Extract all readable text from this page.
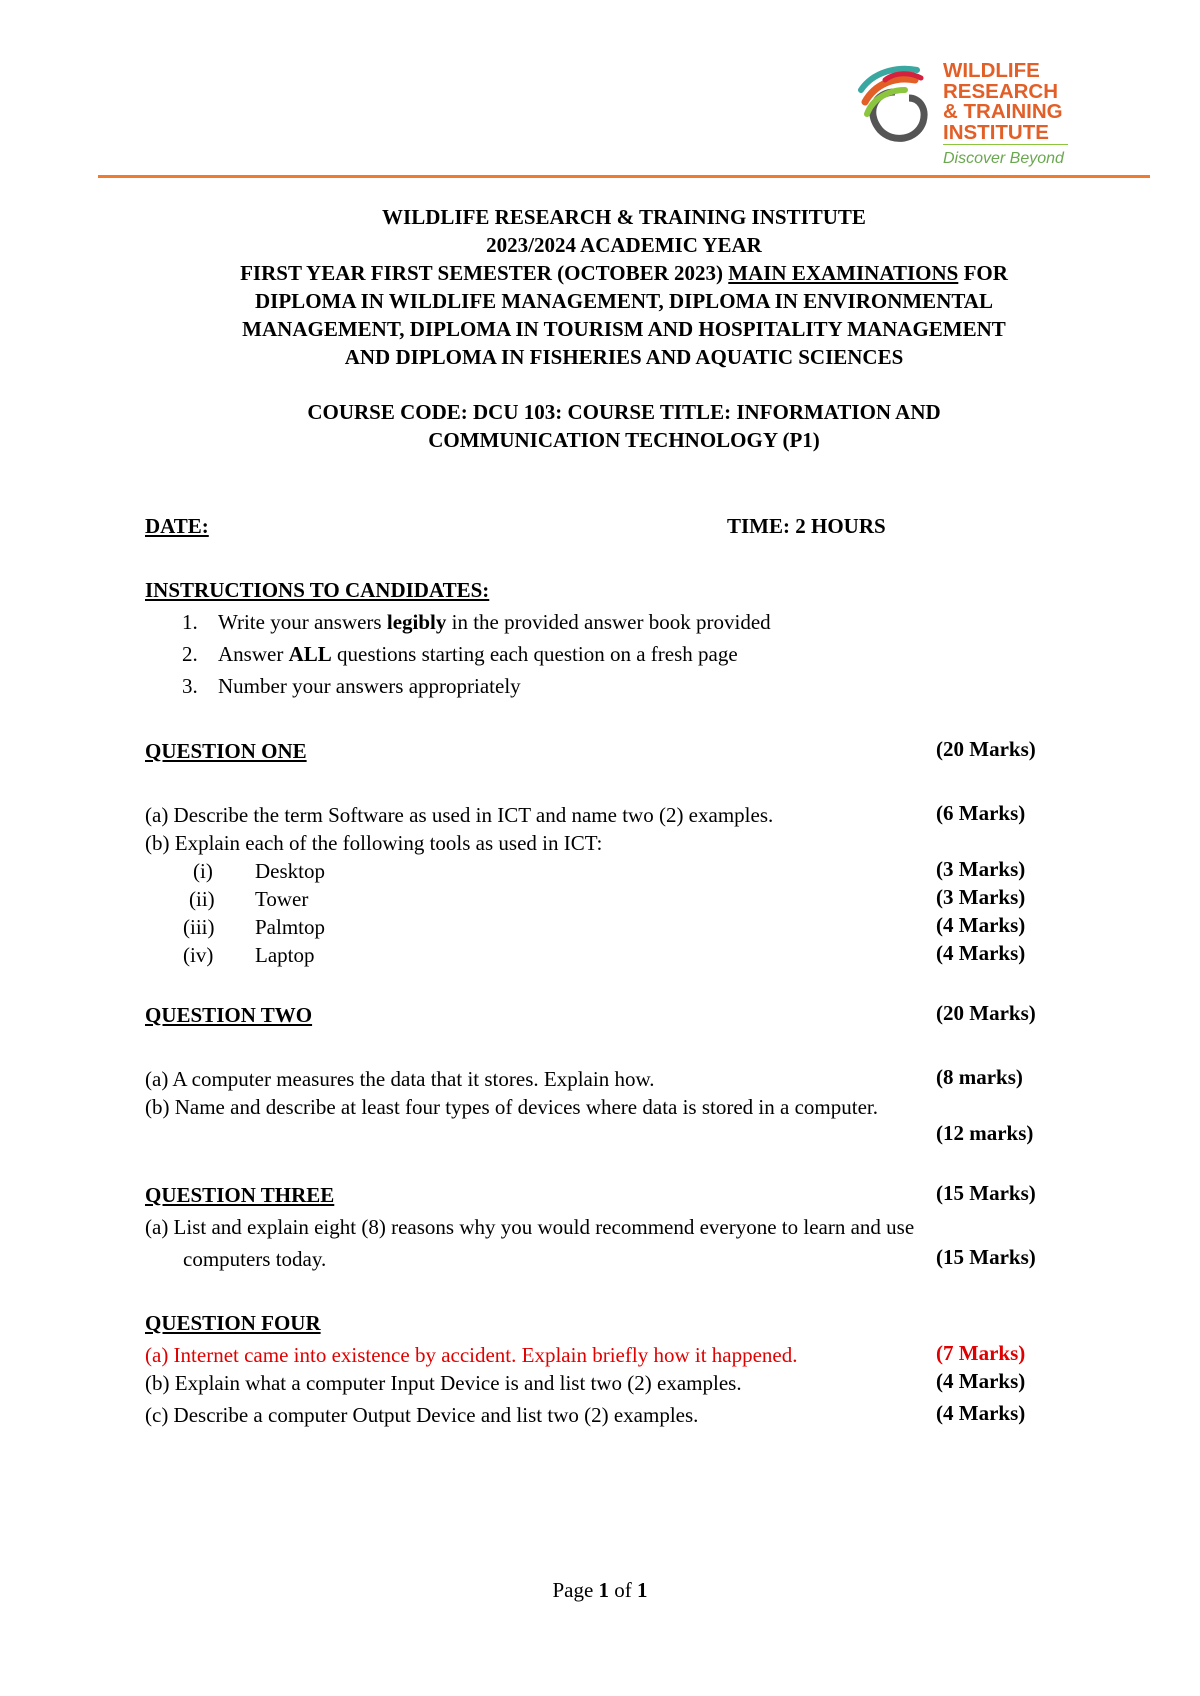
WILDLIFE
RESEARCH
& TRAINING
INSTITUTE
Discover Beyond
WILDLIFE RESEARCH & TRAINING INSTITUTE
2023/2024 ACADEMIC YEAR
FIRST YEAR FIRST SEMESTER (OCTOBER 2023) MAIN EXAMINATIONS FOR
DIPLOMA IN WILDLIFE MANAGEMENT, DIPLOMA IN ENVIRONMENTAL
MANAGEMENT, DIPLOMA IN TOURISM AND HOSPITALITY MANAGEMENT
AND DIPLOMA IN FISHERIES AND AQUATIC SCIENCES
COURSE CODE: DCU 103: COURSE TITLE: INFORMATION AND
COMMUNICATION TECHNOLOGY (P1)
DATE:	TIME: 2 HOURS
INSTRUCTIONS TO CANDIDATES:
1. Write your answers legibly in the provided answer book provided
2. Answer ALL questions starting each question on a fresh page
3. Number your answers appropriately
QUESTION ONE	(20 Marks)
(a) Describe the term Software as used in ICT and name two (2) examples.	(6 Marks)
(b) Explain each of the following tools as used in ICT:
(i) Desktop	(3 Marks)
(ii) Tower	(3 Marks)
(iii) Palmtop	(4 Marks)
(iv) Laptop	(4 Marks)
QUESTION TWO	(20 Marks)
(a) A computer measures the data that it stores. Explain how.	(8 marks)
(b) Name and describe at least four types of devices where data is stored in a computer.
(12 marks)
QUESTION THREE	(15 Marks)
(a) List and explain eight (8) reasons why you would recommend everyone to learn and use
computers today.	(15 Marks)
QUESTION FOUR
(a) Internet came into existence by accident. Explain briefly how it happened.	(7 Marks)
(b) Explain what a computer Input Device is and list two (2) examples.	(4 Marks)
(c) Describe a computer Output Device and list two (2) examples.	(4 Marks)
Page 1 of 1
